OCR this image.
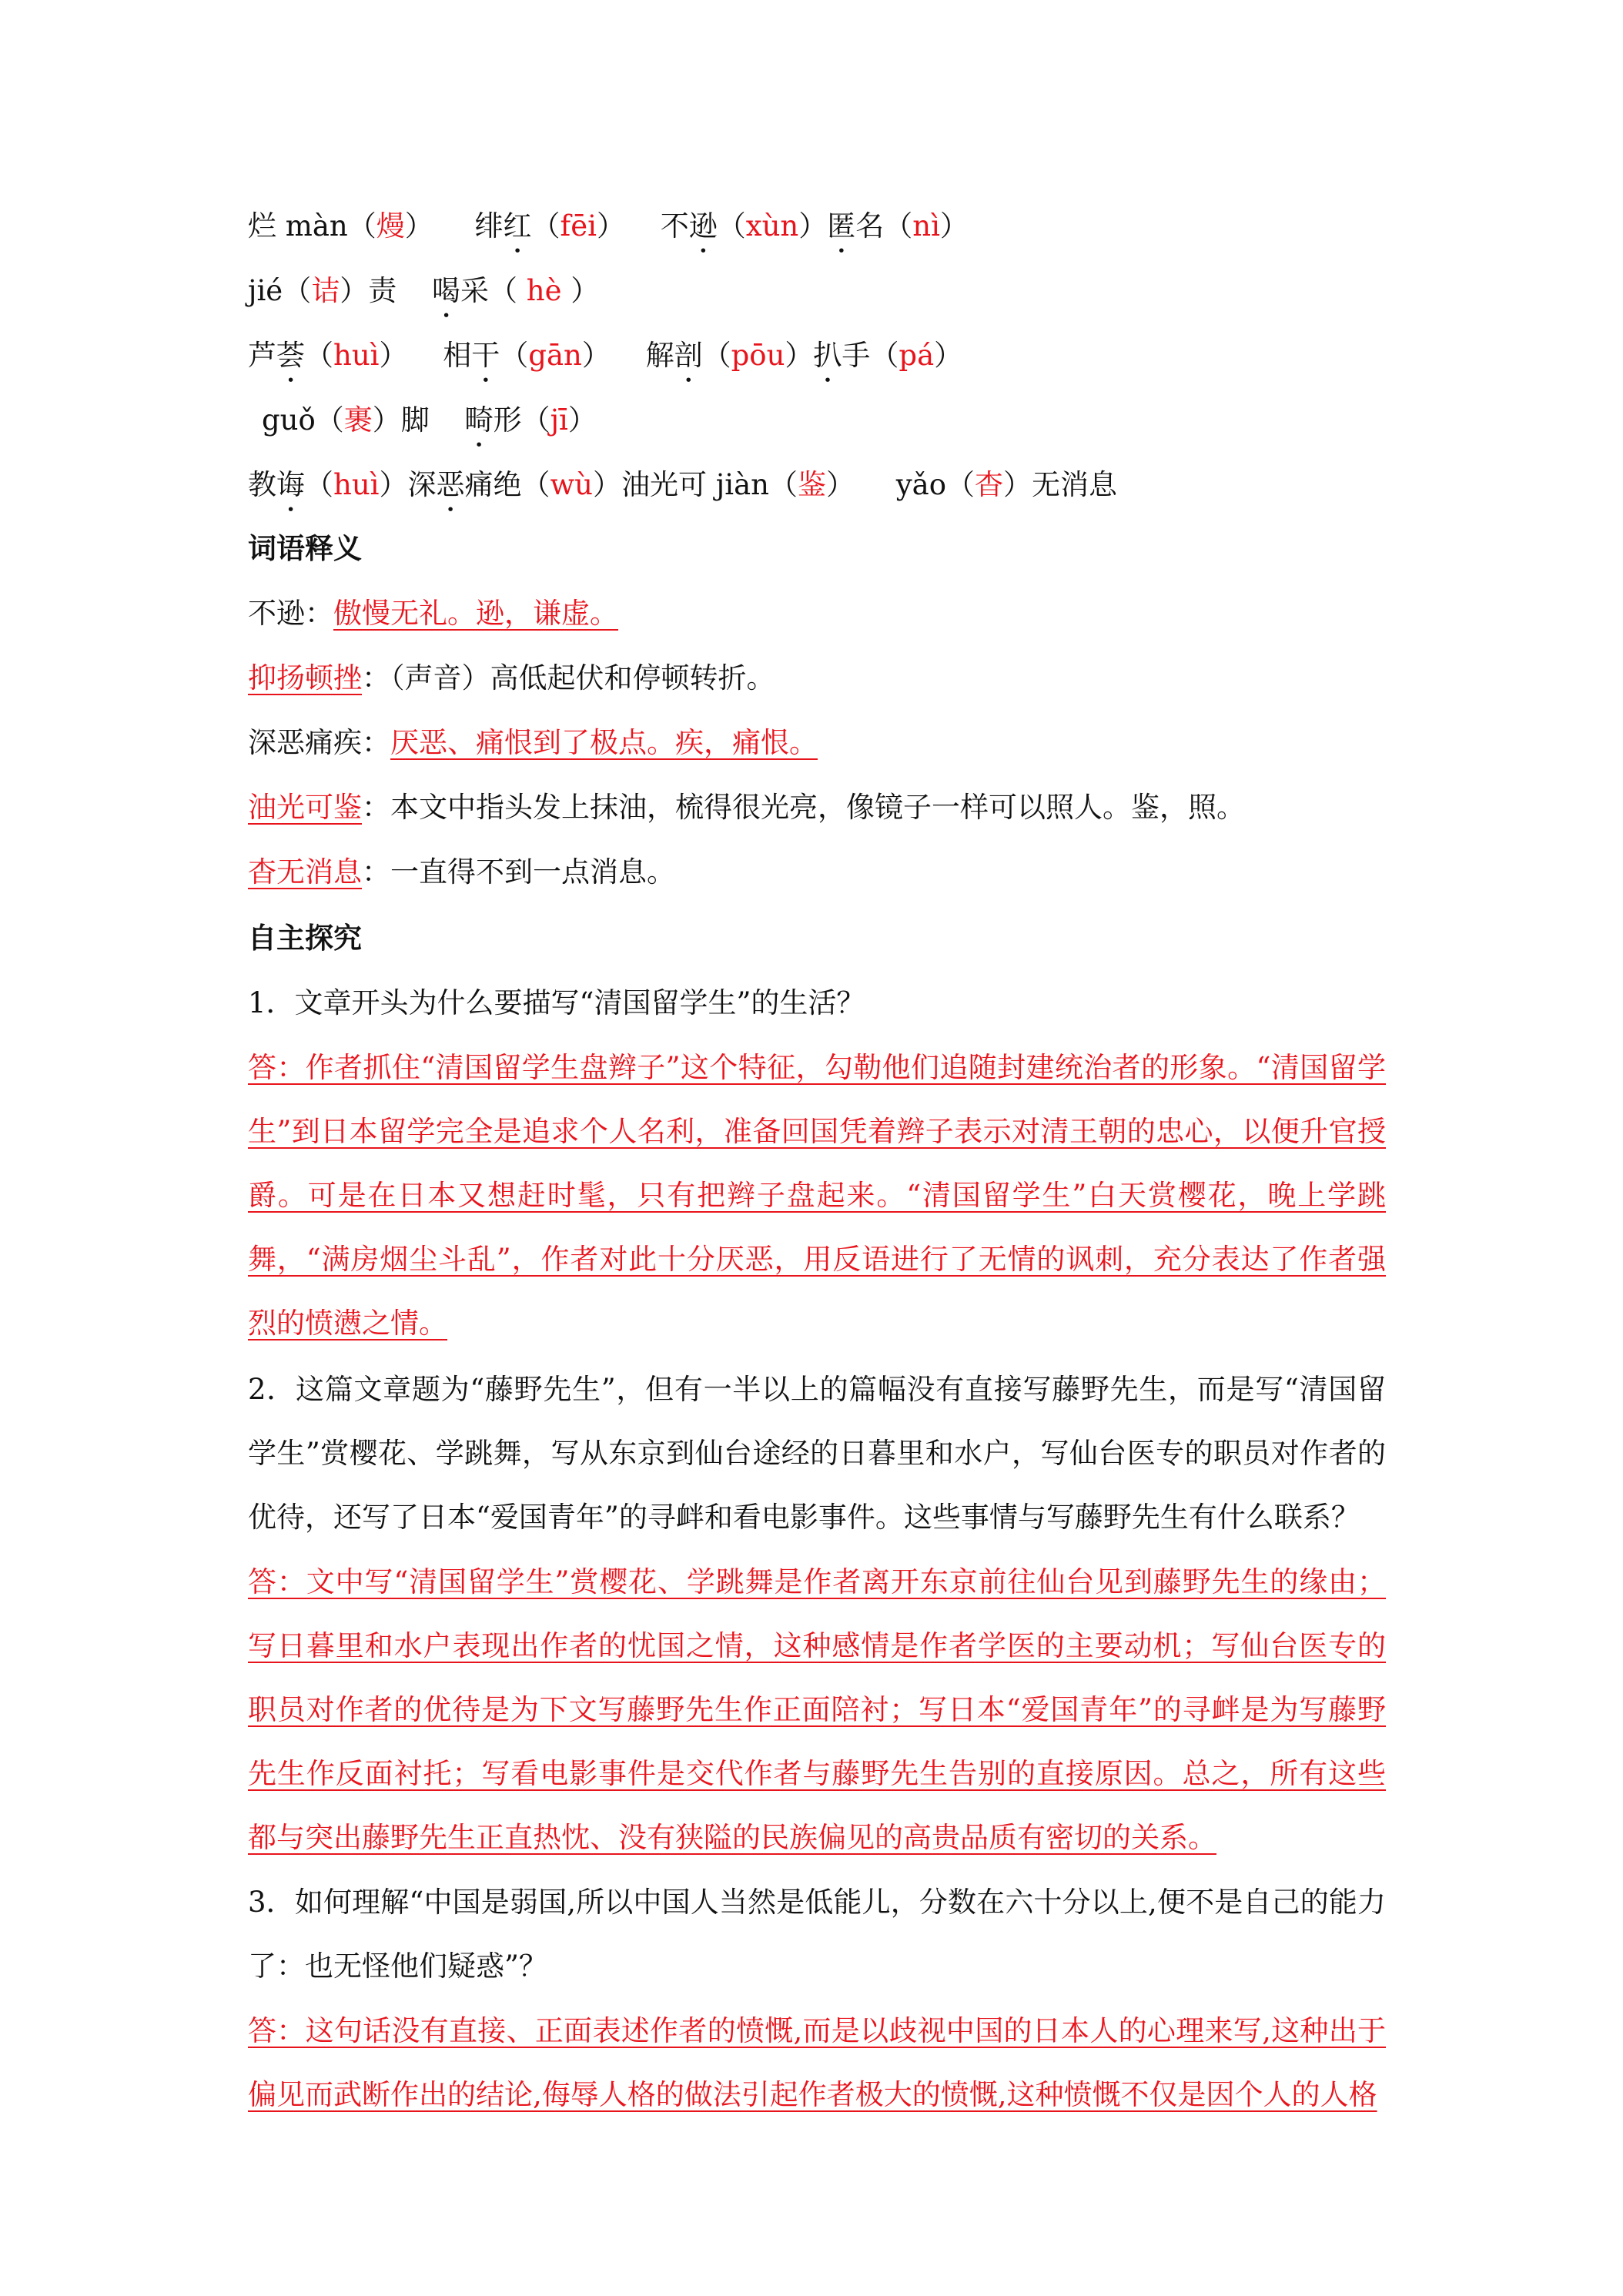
烂 màn（熳） 绯红（fēi） 不逊（xùn）匿名（nì）
jié（诘）责 喝采（ hè ）
芦荟（huì） 相干（gān） 解剖（pōu）扒手（pá）
guǒ（裹）脚 畸形（jī）
教诲（huì）深恶痛绝（wù）油光可 jiàn（鉴） yǎo（杳）无消息
词语释义
不逊：傲慢无礼。逊，谦虚。
抑扬顿挫：（声音）高低起伏和停顿转折。
深恶痛疾：厌恶、痛恨到了极点。疾，痛恨。
油光可鉴：本文中指头发上抹油，梳得很光亮，像镜子一样可以照人。鉴，照。
杳无消息：一直得不到一点消息。
自主探究
1．文章开头为什么要描写“清国留学生”的生活？
答：作者抓住“清国留学生盘辫子”这个特征，勾勒他们追随封建统治者的形象。“清国留学生”到日本留学完全是追求个人名利，准备回国凭着辫子表示对清王朝的忠心，以便升官授爵。可是在日本又想赶时髦，只有把辫子盘起来。“清国留学生”白天赏樱花，晚上学跳舞，“满房烟尘斗乱”，作者对此十分厌恶，用反语进行了无情的讽刺，充分表达了作者强烈的愤懑之情。
2．这篇文章题为“藤野先生”，但有一半以上的篇幅没有直接写藤野先生，而是写“清国留学生”赏樱花、学跳舞，写从东京到仙台途经的日暮里和水户，写仙台医专的职员对作者的优待，还写了日本“爱国青年”的寻衅和看电影事件。这些事情与写藤野先生有什么联系？
答：文中写“清国留学生”赏樱花、学跳舞是作者离开东京前往仙台见到藤野先生的缘由；写日暮里和水户表现出作者的忧国之情，这种感情是作者学医的主要动机；写仙台医专的职员对作者的优待是为下文写藤野先生作正面陪衬；写日本“爱国青年”的寻衅是为写藤野先生作反面衬托；写看电影事件是交代作者与藤野先生告别的直接原因。总之，所有这些都与突出藤野先生正直热忱、没有狭隘的民族偏见的高贵品质有密切的关系。
3．如何理解“中国是弱国,所以中国人当然是低能儿，分数在六十分以上,便不是自己的能力了：也无怪他们疑惑”？
答：这句话没有直接、正面表述作者的愤慨,而是以歧视中国的日本人的心理来写,这种出于偏见而武断作出的结论,侮辱人格的做法引起作者极大的愤慨,这种愤慨不仅是因个人的人格
